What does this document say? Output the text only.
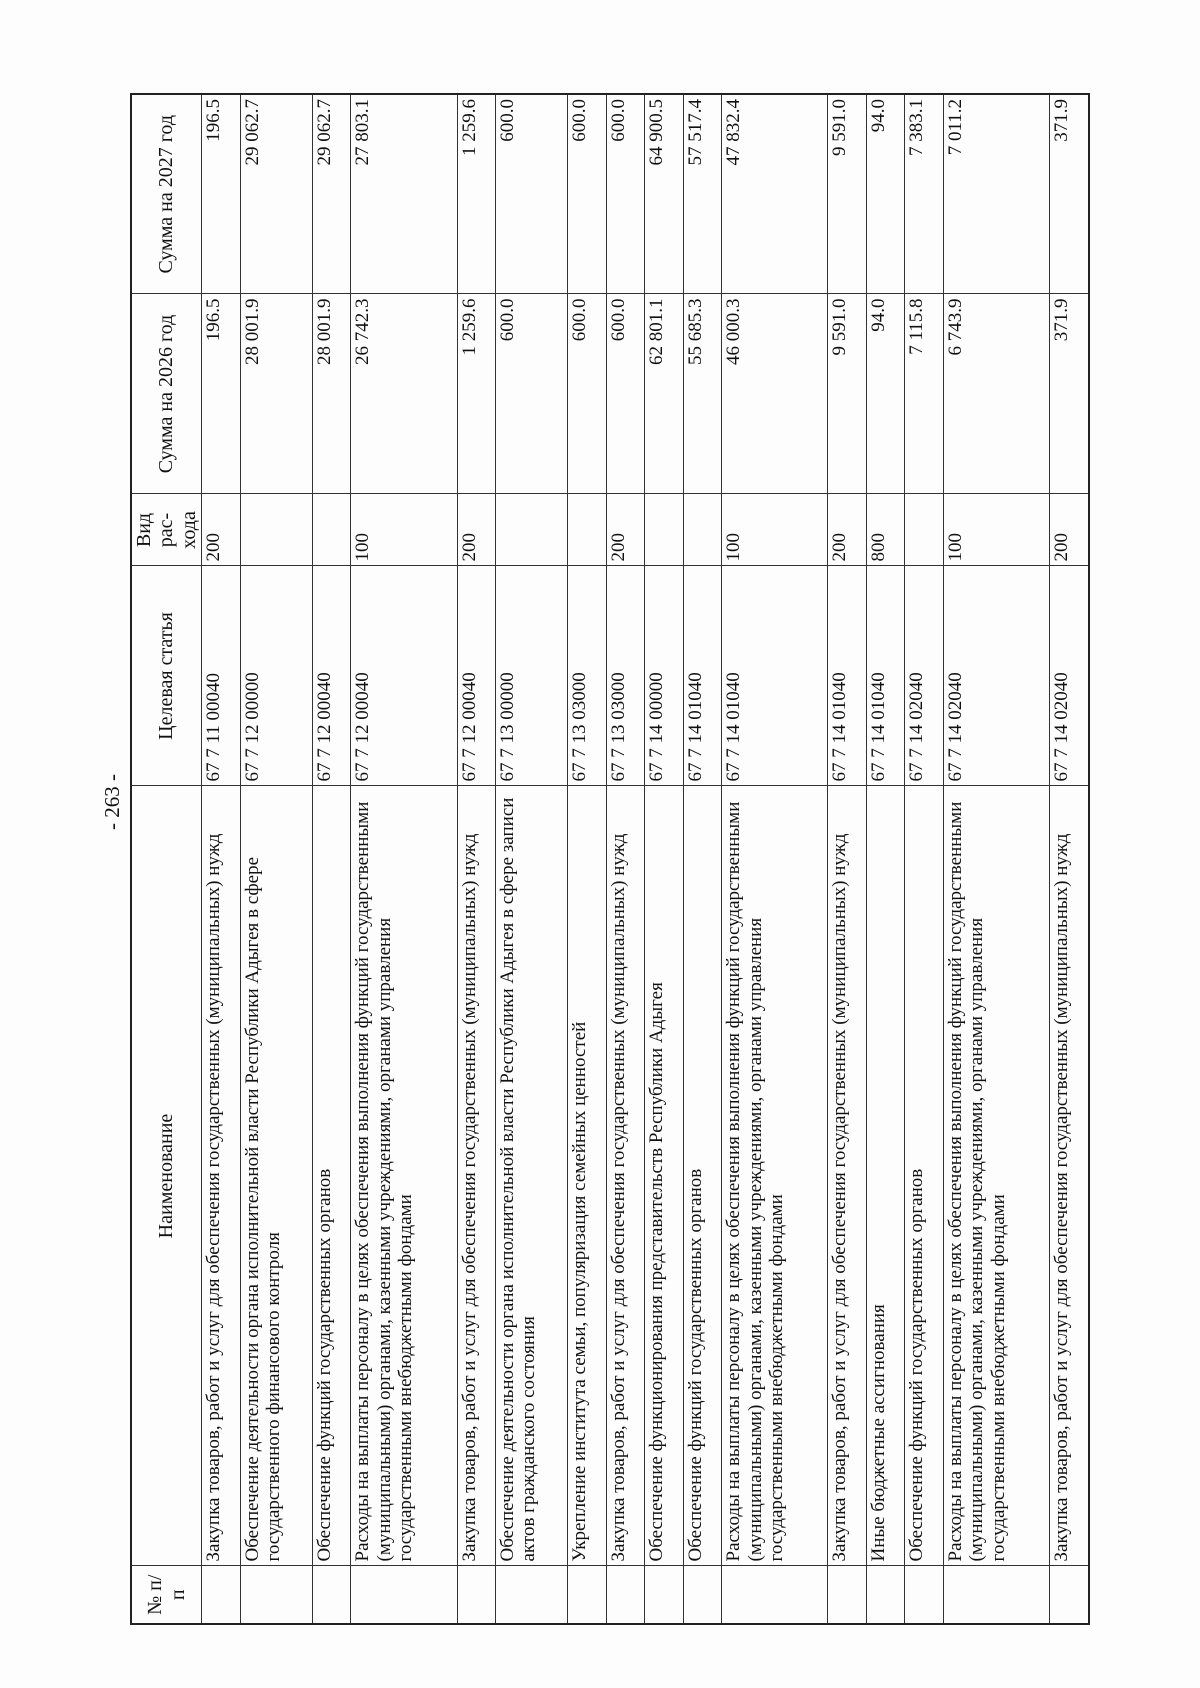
- 263 -
№ п/п	Наименование	Целевая статья	Вид рас-хода	Сумма на 2026 год	Сумма на 2027 год
	Закупка товаров, работ и услуг для обеспечения государственных (муниципальных) нужд	67 7 11 00040	200	196.5	196.5
	Обеспечение деятельности органа исполнительной власти Республики Адыгея в сфере государственного финансового контроля	67 7 12 00000		28 001.9	29 062.7
	Обеспечение функций государственных органов	67 7 12 00040		28 001.9	29 062.7
	Расходы на выплаты персоналу в целях обеспечения выполнения функций государственными (муниципальными) органами, казенными учреждениями, органами управления государственными внебюджетными фондами	67 7 12 00040	100	26 742.3	27 803.1
	Закупка товаров, работ и услуг для обеспечения государственных (муниципальных) нужд	67 7 12 00040	200	1 259.6	1 259.6
	Обеспечение деятельности органа исполнительной власти Республики Адыгея в сфере записи актов гражданского состояния	67 7 13 00000		600.0	600.0
	Укрепление института семьи, популяризация семейных ценностей	67 7 13 03000		600.0	600.0
	Закупка товаров, работ и услуг для обеспечения государственных (муниципальных) нужд	67 7 13 03000	200	600.0	600.0
	Обеспечение функционирования представительств Республики Адыгея	67 7 14 00000		62 801.1	64 900.5
	Обеспечение функций государственных органов	67 7 14 01040		55 685.3	57 517.4
	Расходы на выплаты персоналу в целях обеспечения выполнения функций государственными (муниципальными) органами, казенными учреждениями, органами управления государственными внебюджетными фондами	67 7 14 01040	100	46 000.3	47 832.4
	Закупка товаров, работ и услуг для обеспечения государственных (муниципальных) нужд	67 7 14 01040	200	9 591.0	9 591.0
	Иные бюджетные ассигнования	67 7 14 01040	800	94.0	94.0
	Обеспечение функций государственных органов	67 7 14 02040		7 115.8	7 383.1
	Расходы на выплаты персоналу в целях обеспечения выполнения функций государственными (муниципальными) органами, казенными учреждениями, органами управления государственными внебюджетными фондами	67 7 14 02040	100	6 743.9	7 011.2
	Закупка товаров, работ и услуг для обеспечения государственных (муниципальных) нужд	67 7 14 02040	200	371.9	371.9
